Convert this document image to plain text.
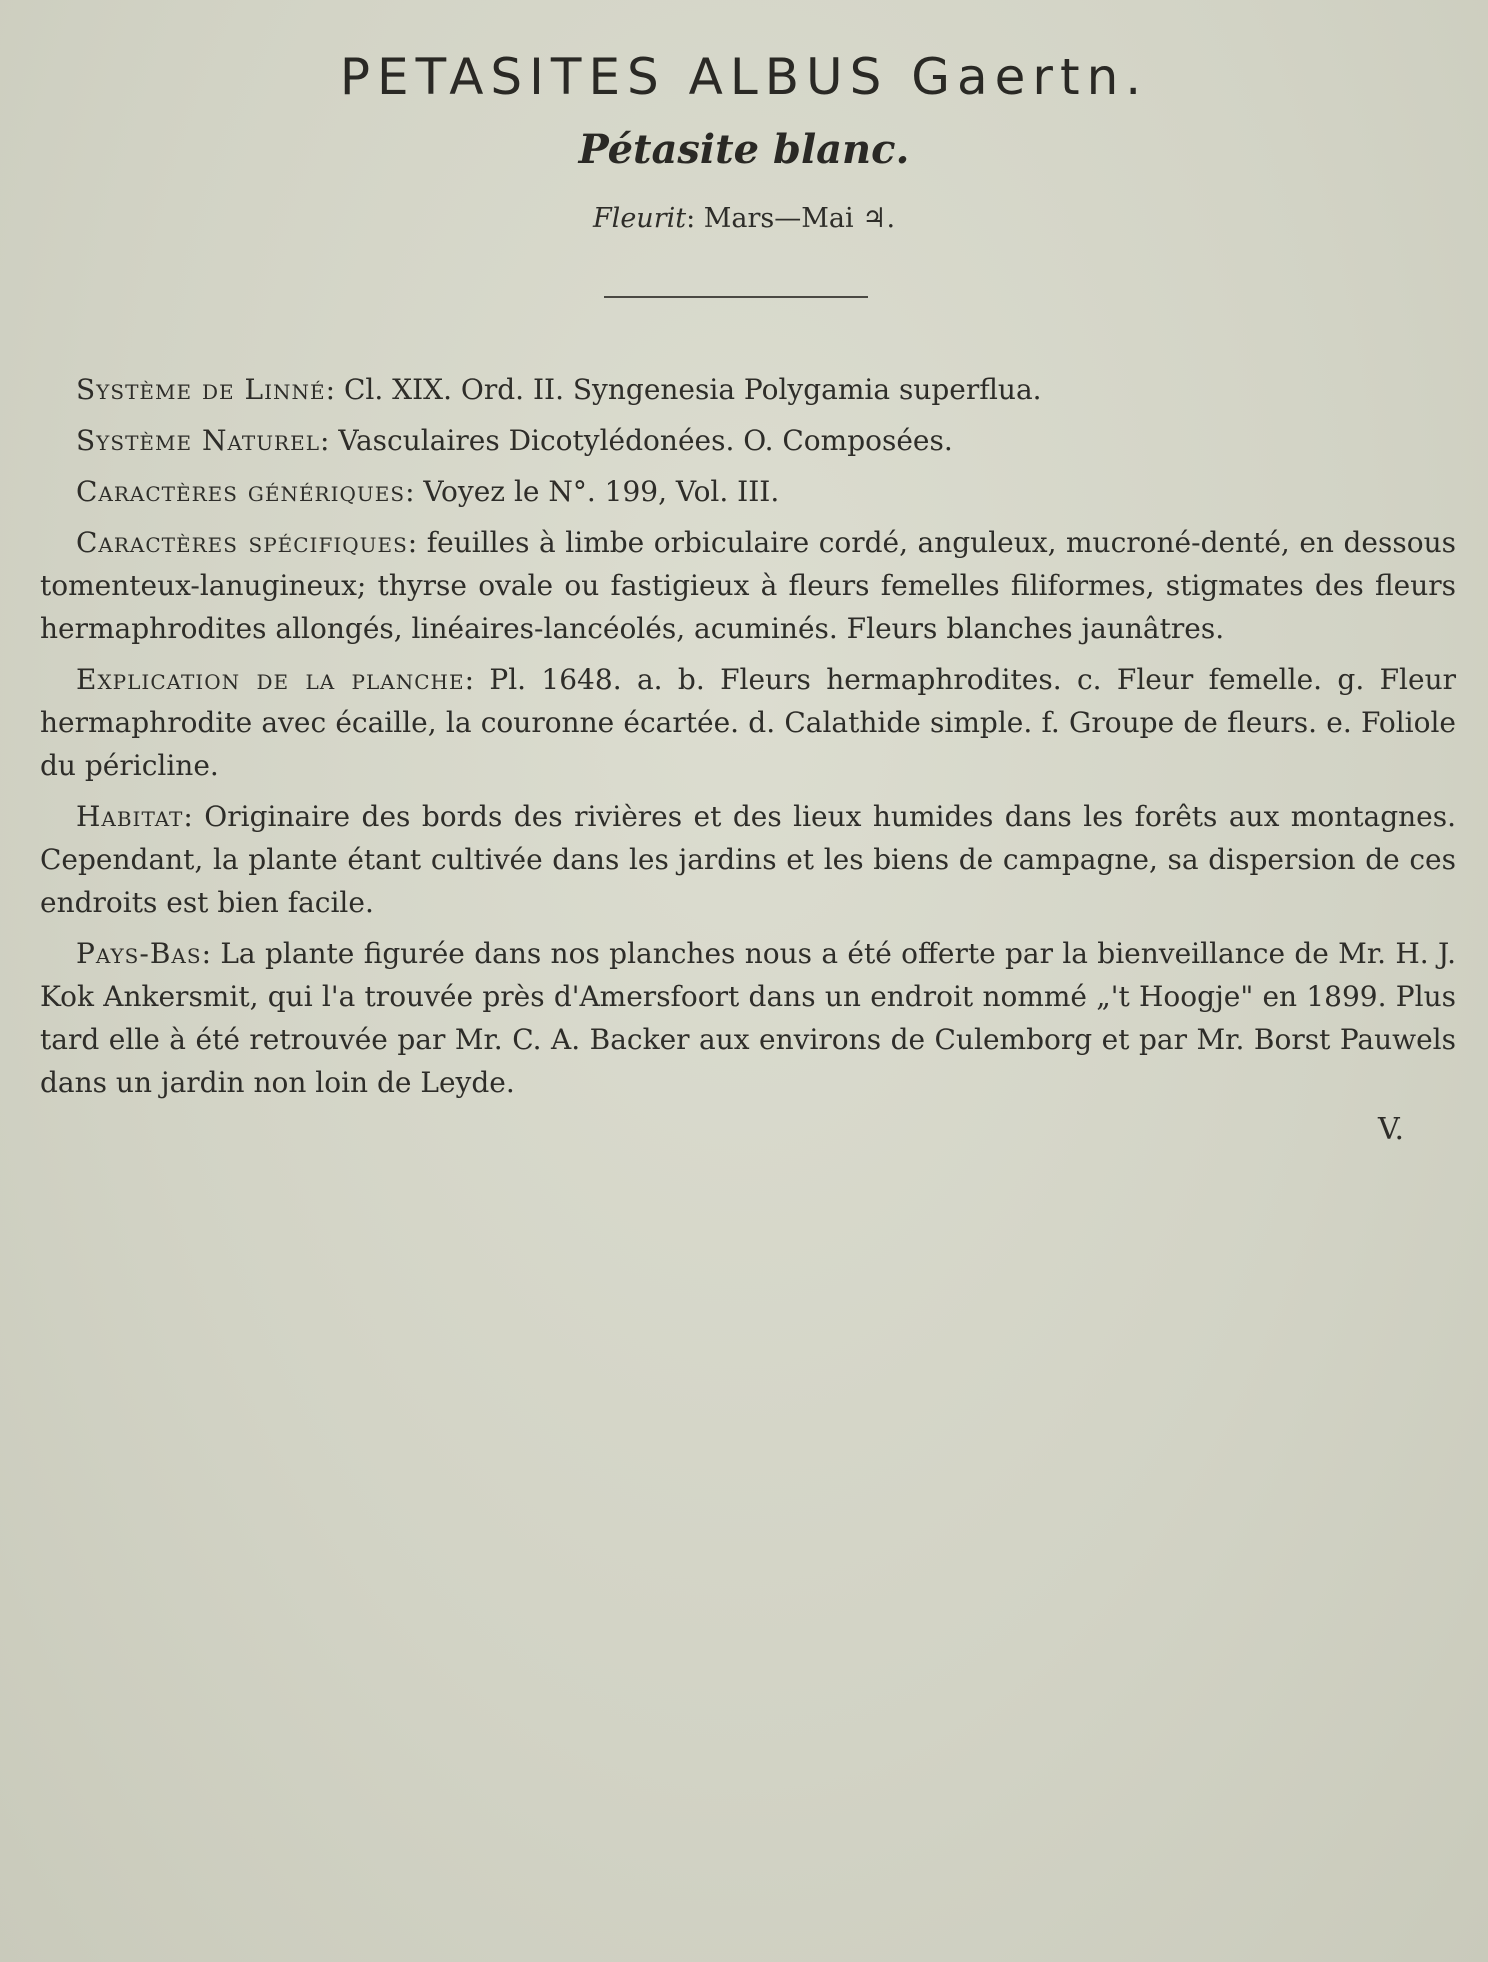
PETASITES ALBUS Gaertn.
Pétasite blanc.
Fleurit: Mars—Mai ♃.

Système de Linné: Cl. XIX. Ord. II. Syngenesia Polygamia superflua.

Système Naturel: Vasculaires Dicotylédonées. O. Composées.

Caractères génériques: Voyez le N°. 199, Vol. III.

Caractères spécifiques: feuilles à limbe orbiculaire cordé, anguleux, mucroné-denté, en dessous tomenteux-lanugineux; thyrse ovale ou fastigieux à fleurs femelles filiformes, stigmates des fleurs hermaphrodites allongés, linéaires-lancéolés, acuminés. Fleurs blanches jaunâtres.

Explication de la planche: Pl. 1648. a. b. Fleurs hermaphrodites. c. Fleur femelle. g. Fleur hermaphrodite avec écaille, la couronne écartée. d. Calathide simple. f. Groupe de fleurs. e. Foliole du péricline.

Habitat: Originaire des bords des rivières et des lieux humides dans les forêts aux montagnes. Cependant, la plante étant cultivée dans les jardins et les biens de campagne, sa dispersion de ces endroits est bien facile.

Pays-Bas: La plante figurée dans nos planches nous a été offerte par la bienveillance de Mr. H. J. Kok Ankersmit, qui l'a trouvée près d'Amersfoort dans un endroit nommé „'t Hoogje" en 1899. Plus tard elle à été retrouvée par Mr. C. A. Backer aux environs de Culemborg et par Mr. Borst Pauwels dans un jardin non loin de Leyde.

V.
